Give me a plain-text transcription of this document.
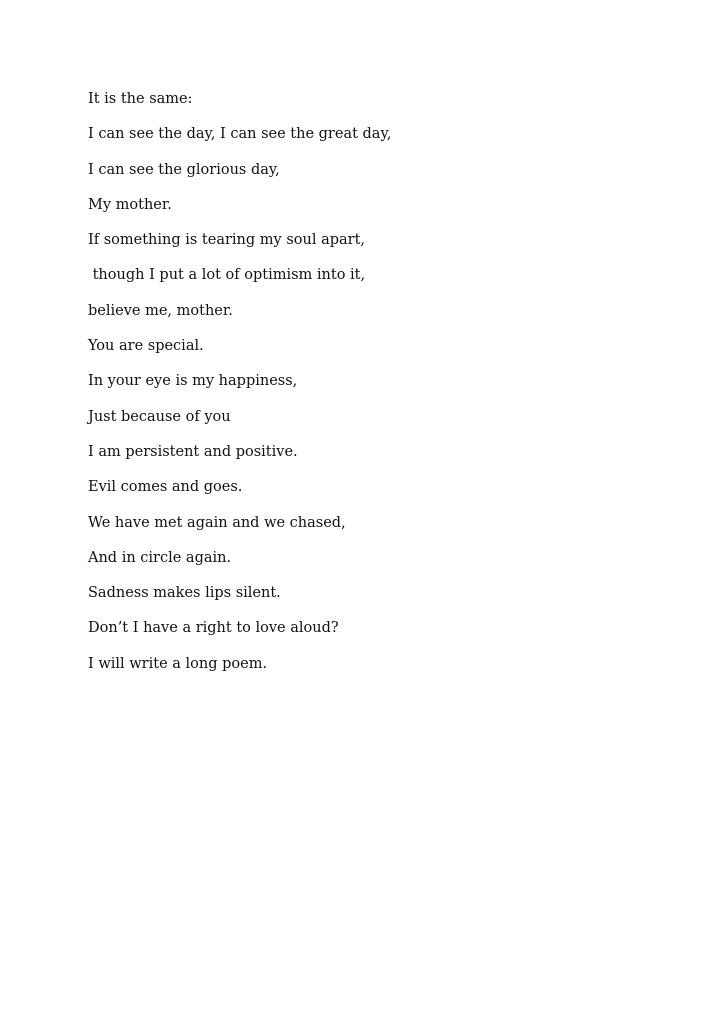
It is the same:
I can see the day, I can see the great day,
I can see the glorious day,
My mother.
If something is tearing my soul apart,
though I put a lot of optimism into it,
believe me, mother.
You are special.
In your eye is my happiness,
Just because of you
I am persistent and positive.
Evil comes and goes.
We have met again and we chased,
And in circle again.
Sadness makes lips silent.
Don’t I have a right to love aloud?
I will write a long poem.
